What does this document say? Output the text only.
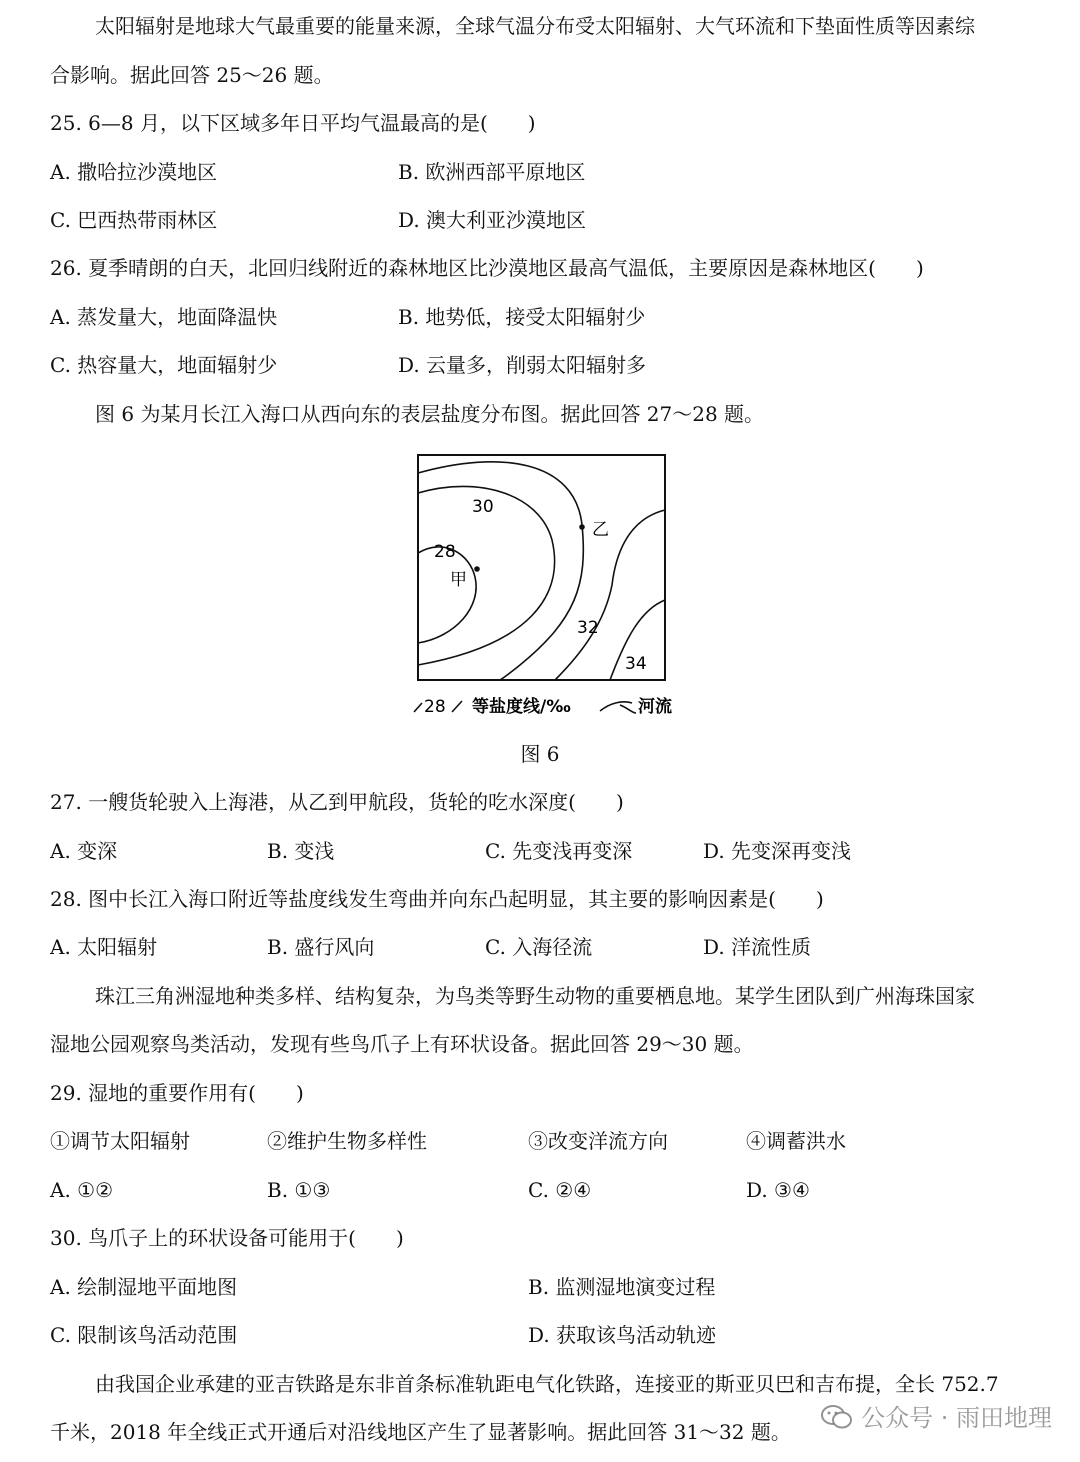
太阳辐射是地球大气最重要的能量来源，全球气温分布受太阳辐射、大气环流和下垫面性质等因素综
合影响。据此回答 25～26 题。
25. 6—8 月，以下区域多年日平均气温最高的是(　　)
A. 撒哈拉沙漠地区	B. 欧洲西部平原地区
C. 巴西热带雨林区	D. 澳大利亚沙漠地区
26. 夏季晴朗的白天，北回归线附近的森林地区比沙漠地区最高气温低，主要原因是森林地区(　　)
A. 蒸发量大，地面降温快	B. 地势低，接受太阳辐射少
C. 热容量大，地面辐射少	D. 云量多，削弱太阳辐射多
图 6 为某月长江入海口从西向东的表层盐度分布图。据此回答 27～28 题。
30
28
甲
乙
32
34
28 等盐度线/‰	河流
图 6
27. 一艘货轮驶入上海港，从乙到甲航段，货轮的吃水深度(　　)
A. 变深	B. 变浅	C. 先变浅再变深	D. 先变深再变浅
28. 图中长江入海口附近等盐度线发生弯曲并向东凸起明显，其主要的影响因素是(　　)
A. 太阳辐射	B. 盛行风向	C. 入海径流	D. 洋流性质
珠江三角洲湿地种类多样、结构复杂，为鸟类等野生动物的重要栖息地。某学生团队到广州海珠国家
湿地公园观察鸟类活动，发现有些鸟爪子上有环状设备。据此回答 29～30 题。
29. 湿地的重要作用有(　　)
①调节太阳辐射	②维护生物多样性	③改变洋流方向	④调蓄洪水
A. ①②	B. ①③	C. ②④	D. ③④
30. 鸟爪子上的环状设备可能用于(　　)
A. 绘制湿地平面地图	B. 监测湿地演变过程
C. 限制该鸟活动范围	D. 获取该鸟活动轨迹
由我国企业承建的亚吉铁路是东非首条标准轨距电气化铁路，连接亚的斯亚贝巴和吉布提，全长 752.7
千米，2018 年全线正式开通后对沿线地区产生了显著影响。据此回答 31～32 题。	公众号 · 雨田地理
